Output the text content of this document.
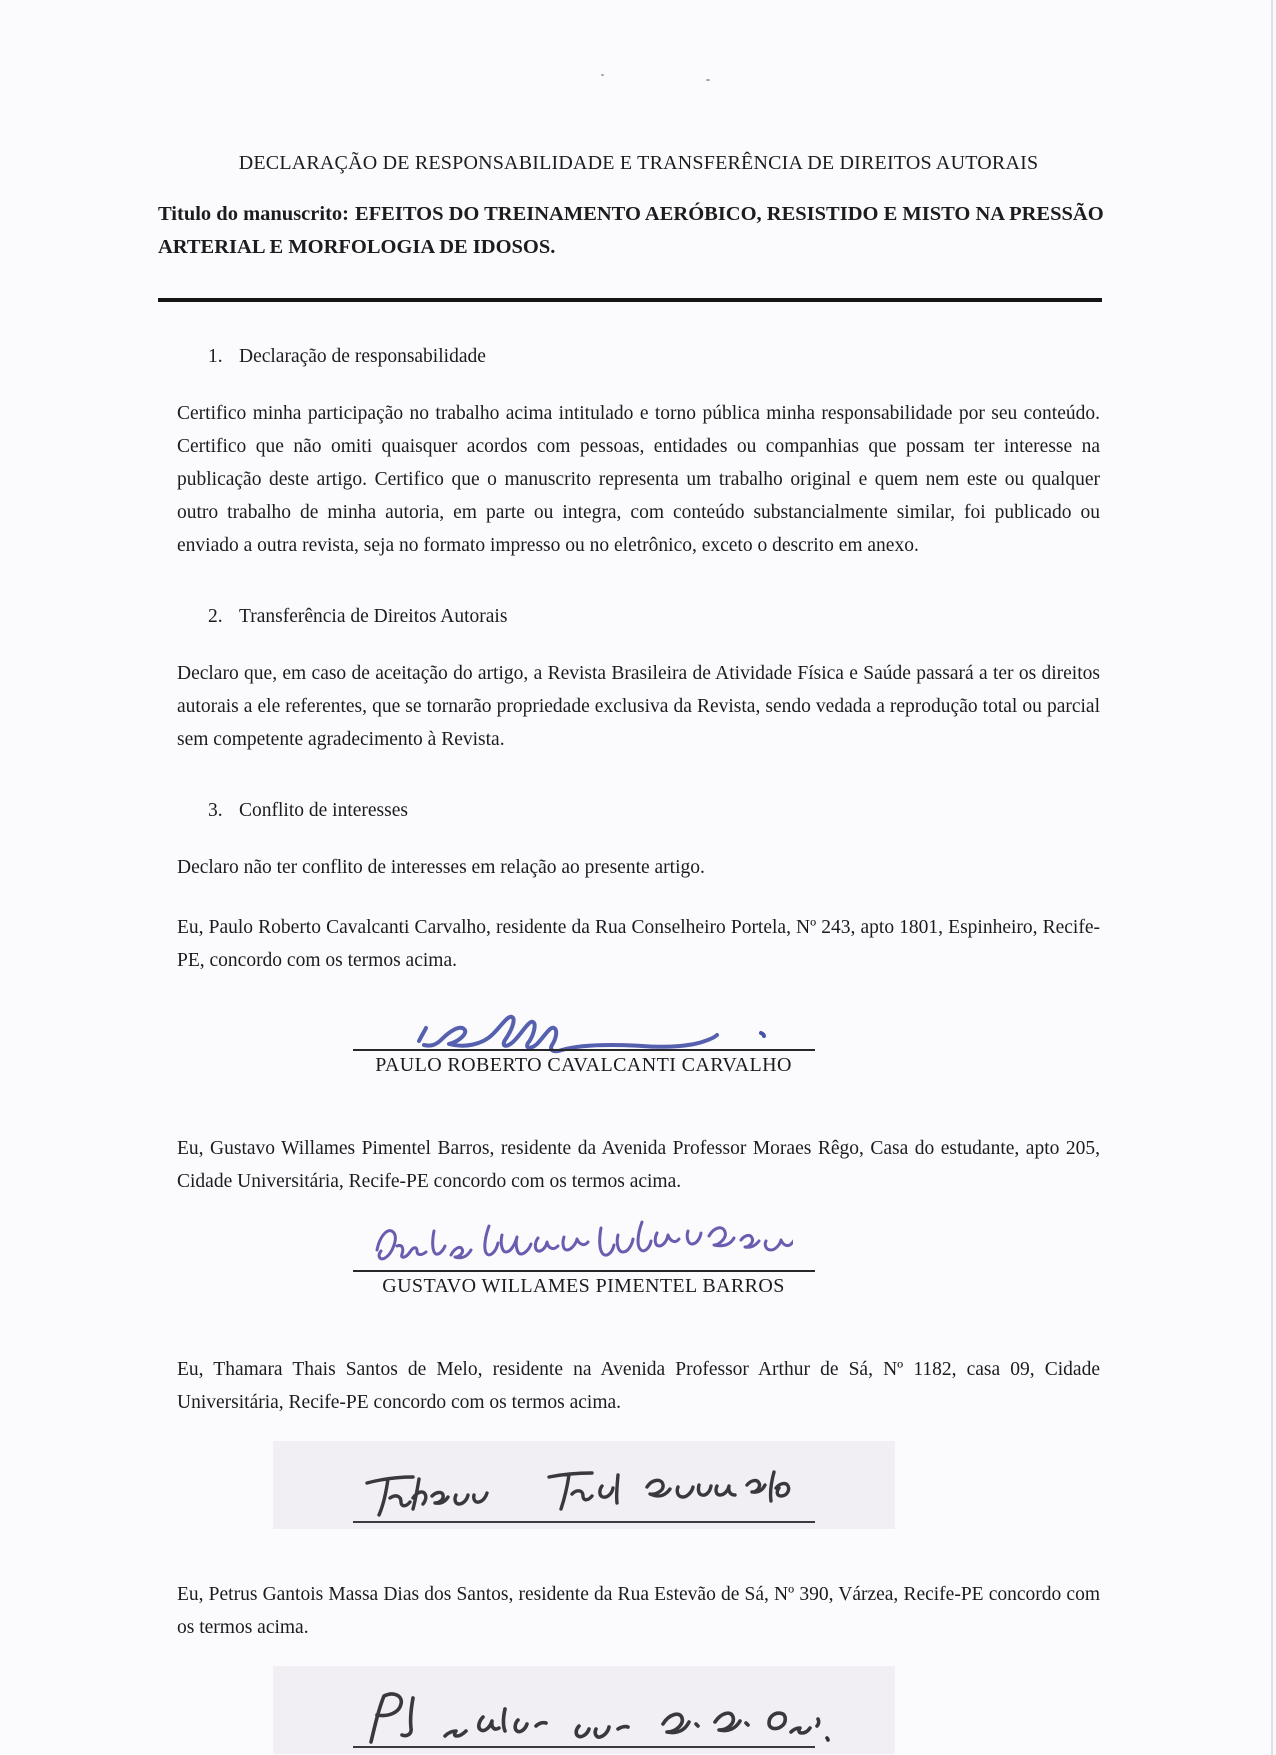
DECLARAÇÃO DE RESPONSABILIDADE E TRANSFERÊNCIA DE DIREITOS AUTORAIS

Titulo do manuscrito: EFEITOS DO TREINAMENTO AERÓBICO, RESISTIDO E MISTO NA PRESSÃO ARTERIAL E MORFOLOGIA DE IDOSOS.

1. Declaração de responsabilidade

Certifico minha participação no trabalho acima intitulado e torno pública minha responsabilidade por seu conteúdo. Certifico que não omiti quaisquer acordos com pessoas, entidades ou companhias que possam ter interesse na publicação deste artigo. Certifico que o manuscrito representa um trabalho original e quem nem este ou qualquer outro trabalho de minha autoria, em parte ou integra, com conteúdo substancialmente similar, foi publicado ou enviado a outra revista, seja no formato impresso ou no eletrônico, exceto o descrito em anexo.

2. Transferência de Direitos Autorais

Declaro que, em caso de aceitação do artigo, a Revista Brasileira de Atividade Física e Saúde passará a ter os direitos autorais a ele referentes, que se tornarão propriedade exclusiva da Revista, sendo vedada a reprodução total ou parcial sem competente agradecimento à Revista.

3. Conflito de interesses

Declaro não ter conflito de interesses em relação ao presente artigo.

Eu, Paulo Roberto Cavalcanti Carvalho, residente da Rua Conselheiro Portela, Nº 243, apto 1801, Espinheiro, Recife-PE, concordo com os termos acima.

PAULO ROBERTO CAVALCANTI CARVALHO

Eu, Gustavo Willames Pimentel Barros, residente da Avenida Professor Moraes Rêgo, Casa do estudante, apto 205, Cidade Universitária, Recife-PE concordo com os termos acima.

GUSTAVO WILLAMES PIMENTEL BARROS

Eu, Thamara Thais Santos de Melo, residente na Avenida Professor Arthur de Sá, Nº 1182, casa 09, Cidade Universitária, Recife-PE concordo com os termos acima.

Eu, Petrus Gantois Massa Dias dos Santos, residente da Rua Estevão de Sá, Nº 390, Várzea, Recife-PE concordo com os termos acima.
